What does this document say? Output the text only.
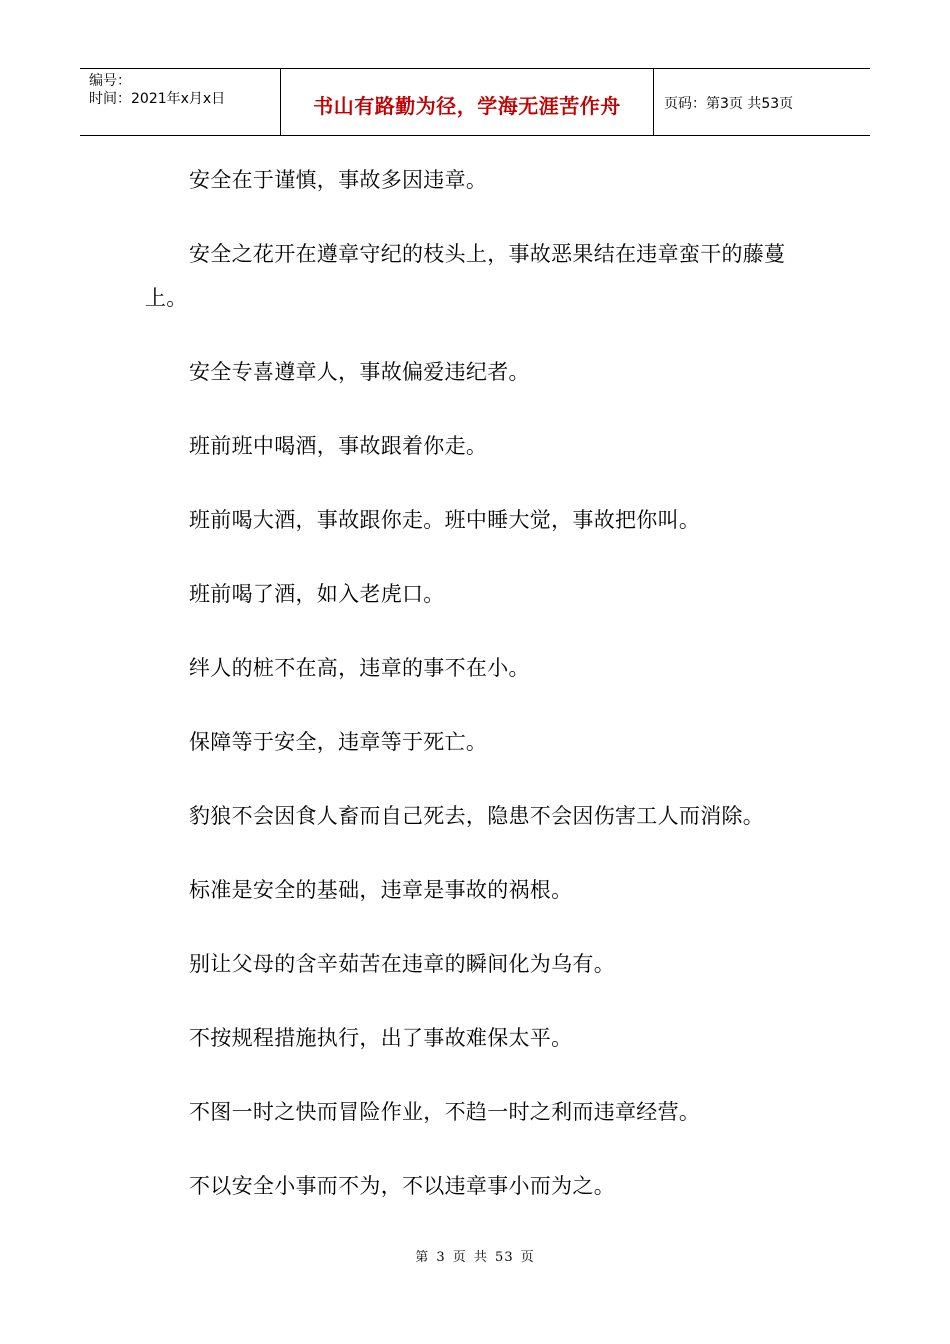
编号：
时间：2021年x月x日	书山有路勤为径，学海无涯苦作舟	页码：第3页 共53页

安全在于谨慎，事故多因违章。

安全之花开在遵章守纪的枝头上，事故恶果结在违章蛮干的藤蔓上。

安全专喜遵章人，事故偏爱违纪者。

班前班中喝酒，事故跟着你走。

班前喝大酒，事故跟你走。班中睡大觉，事故把你叫。

班前喝了酒，如入老虎口。

绊人的桩不在高，违章的事不在小。

保障等于安全，违章等于死亡。

豹狼不会因食人畜而自己死去，隐患不会因伤害工人而消除。

标准是安全的基础，违章是事故的祸根。

别让父母的含辛茹苦在违章的瞬间化为乌有。

不按规程措施执行，出了事故难保太平。

不图一时之快而冒险作业，不趋一时之利而违章经营。

不以安全小事而不为，不以违章事小而为之。

第 3 页 共 53 页
